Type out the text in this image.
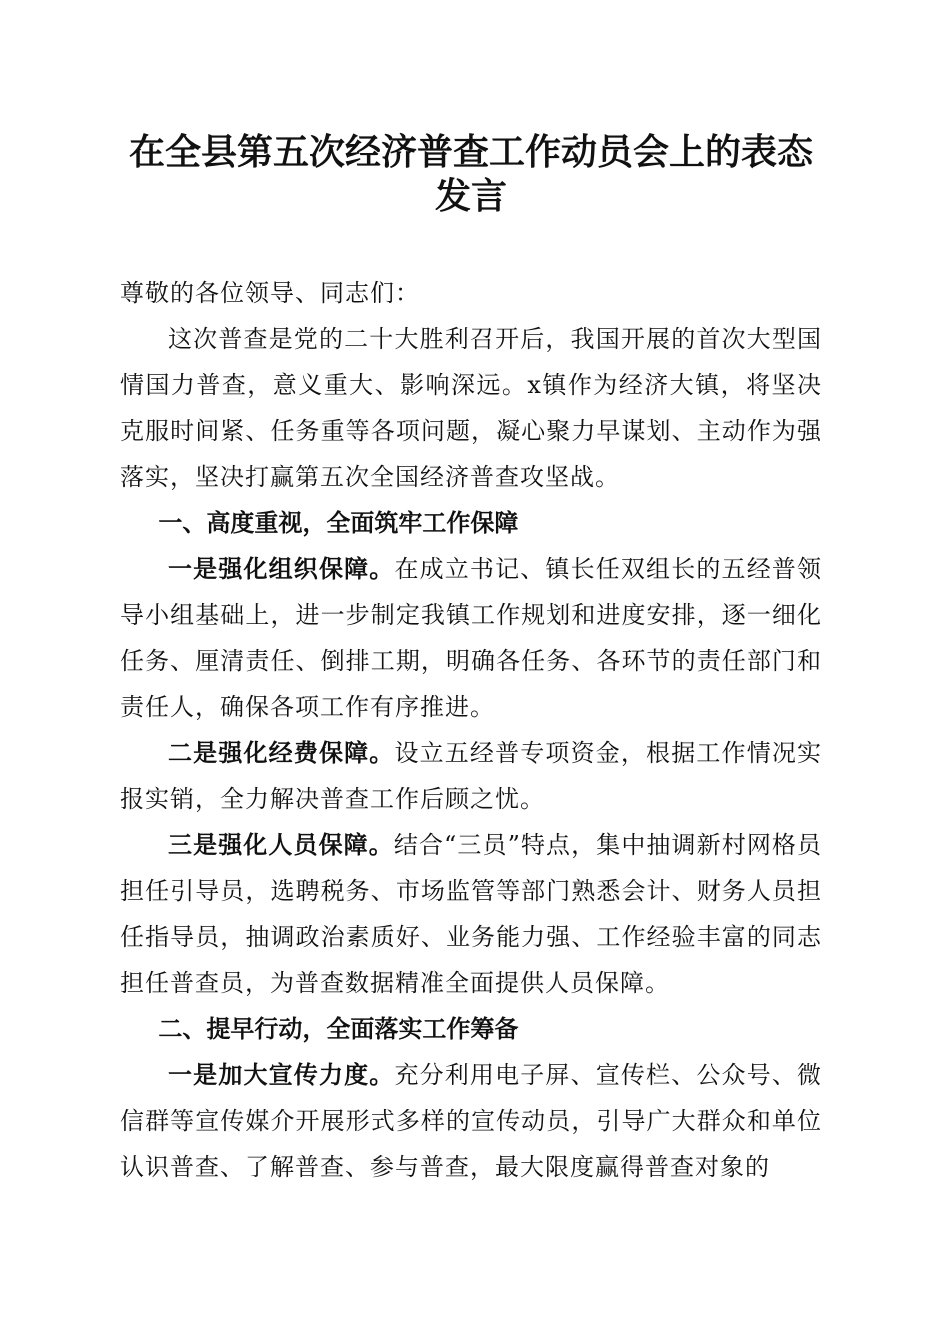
在全县第五次经济普查工作动员会上的表态发言

尊敬的各位领导、同志们：

这次普查是党的二十大胜利召开后，我国开展的首次大型国情国力普查，意义重大、影响深远。x镇作为经济大镇，将坚决克服时间紧、任务重等各项问题，凝心聚力早谋划、主动作为强落实，坚决打赢第五次全国经济普查攻坚战。

一、高度重视，全面筑牢工作保障

一是强化组织保障。在成立书记、镇长任双组长的五经普领导小组基础上，进一步制定我镇工作规划和进度安排，逐一细化任务、厘清责任、倒排工期，明确各任务、各环节的责任部门和责任人，确保各项工作有序推进。

二是强化经费保障。设立五经普专项资金，根据工作情况实报实销，全力解决普查工作后顾之忧。

三是强化人员保障。结合“三员”特点，集中抽调新村网格员担任引导员，选聘税务、市场监管等部门熟悉会计、财务人员担任指导员，抽调政治素质好、业务能力强、工作经验丰富的同志担任普查员，为普查数据精准全面提供人员保障。

二、提早行动，全面落实工作筹备

一是加大宣传力度。充分利用电子屏、宣传栏、公众号、微信群等宣传媒介开展形式多样的宣传动员，引导广大群众和单位认识普查、了解普查、参与普查，最大限度赢得普查对象的
